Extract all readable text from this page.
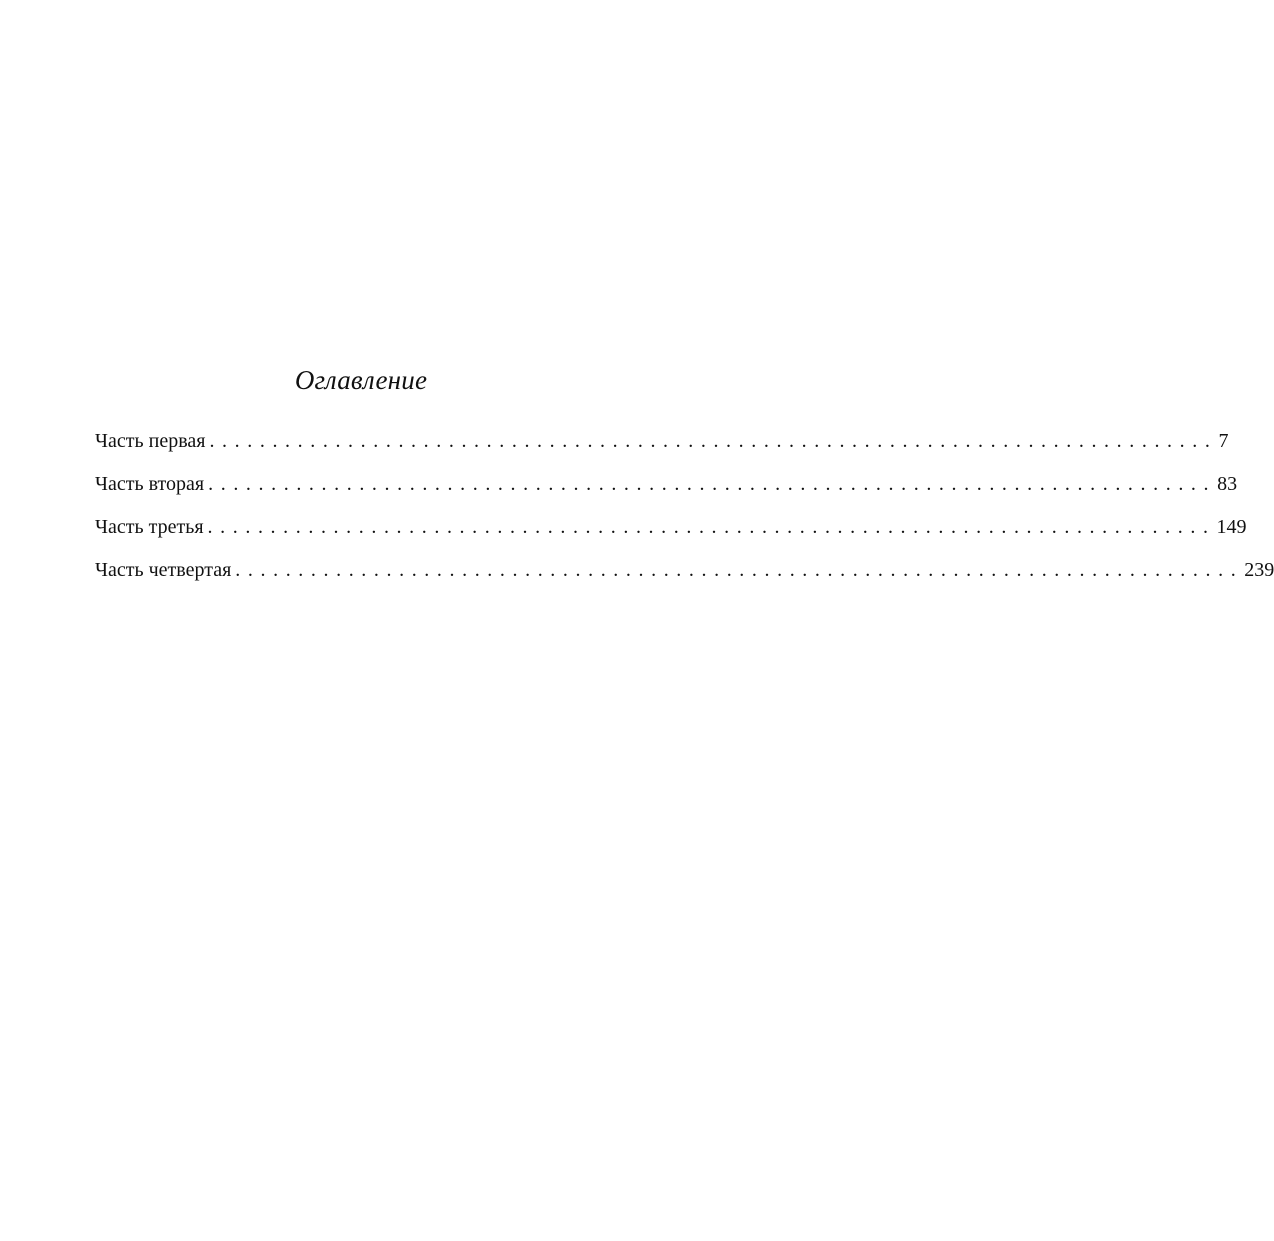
Оглавление
Часть первая ................................................................................ 7
Часть вторая ................................................................................ 83
Часть третья ................................................................................ 149
Часть четвертая ................................................................................ 239
